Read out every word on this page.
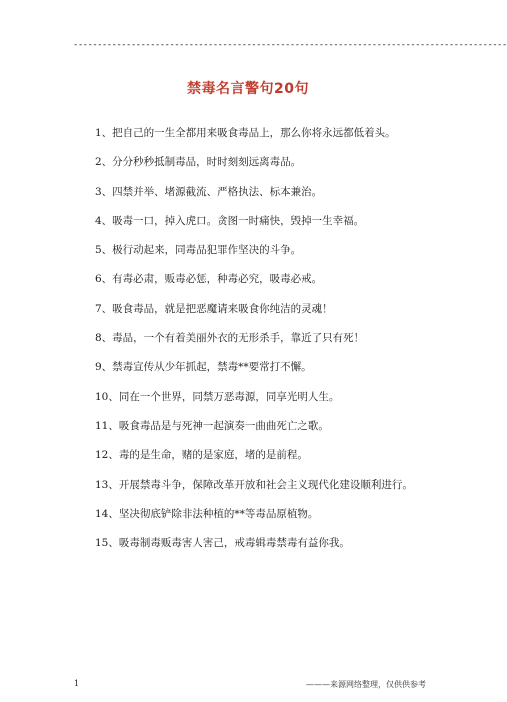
------------------------------------------------------------------------------------------
禁毒名言警句20句

1、把自己的一生全都用来吸食毒品上，那么你将永远都低着头。

2、分分秒秒抵制毒品，时时刻刻远离毒品。

3、四禁并举、堵源截流、严格执法、标本兼治。

4、吸毒一口，掉入虎口。贪图一时痛快，毁掉一生幸福。

5、极行动起来，同毒品犯罪作坚决的斗争。

6、有毒必肃，贩毒必惩，种毒必究，吸毒必戒。

7、吸食毒品，就是把恶魔请来吸食你纯洁的灵魂！

8、毒品，一个有着美丽外衣的无形杀手，靠近了只有死！

9、禁毒宣传从少年抓起，禁毒**要常打不懈。

10、同在一个世界，同禁万恶毒源，同享光明人生。

11、吸食毒品是与死神一起演奏一曲曲死亡之歌。

12、毒的是生命，赌的是家庭，堵的是前程。

13、开展禁毒斗争，保障改革开放和社会主义现代化建设顺利进行。

14、坚决彻底铲除非法种植的**等毒品原植物。

15、吸毒制毒贩毒害人害己，戒毒辑毒禁毒有益你我。

1	———来源网络整理，仅供供参考
